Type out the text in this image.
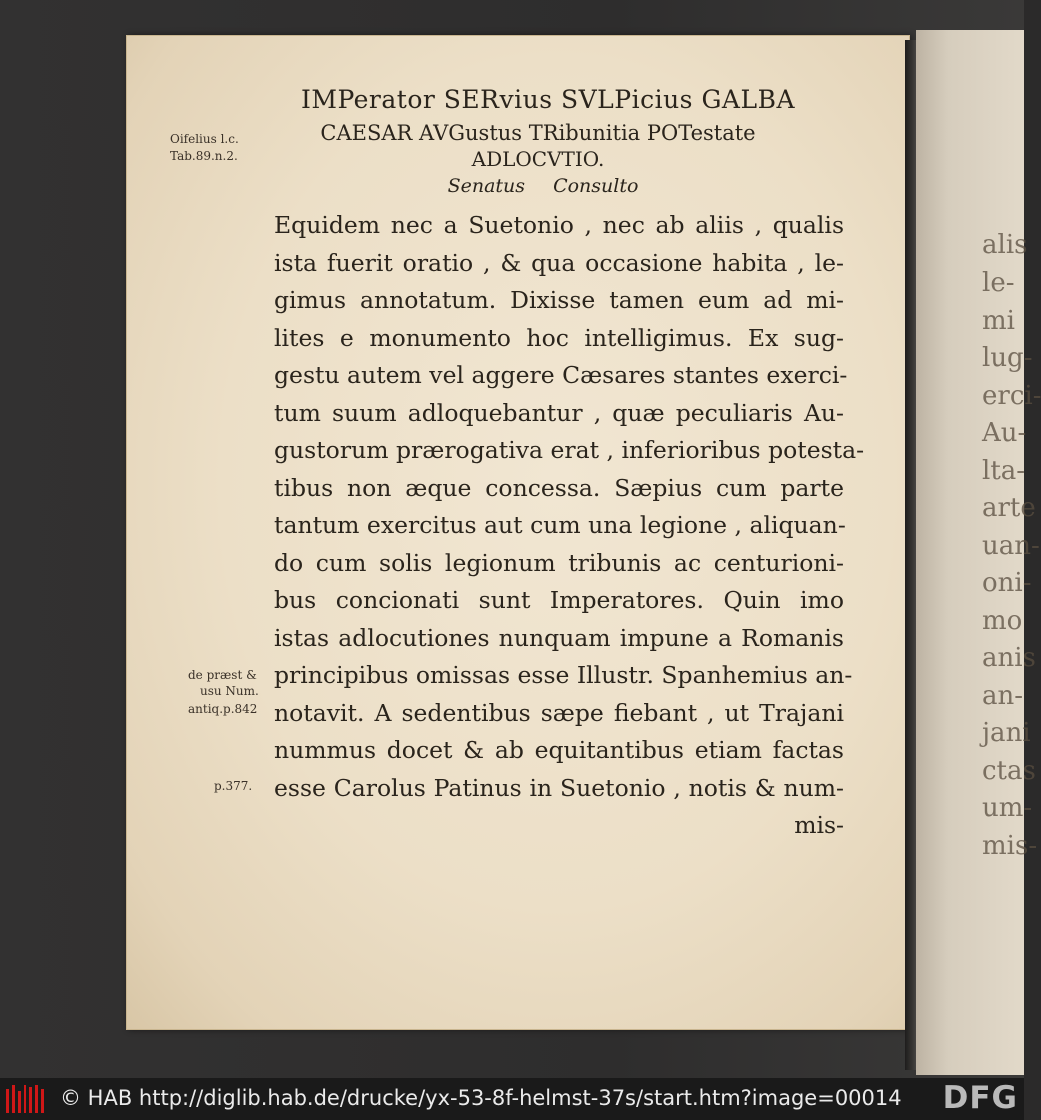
IMPerator SERvius SVLPicius GALBA
CAESAR AVGustus TRibunitia POTestate
ADLOCVTIO.
Senatus Consulto
Oifelius l.c.
Tab.89.n.2.
de præst &
usu Num.
antiq.p.842
p.377.
Equidem nec a Suetonio , nec ab aliis , qualis
ista fuerit oratio , & qua occasione habita , le-
gimus annotatum. Dixisse tamen eum ad mi-
lites e monumento hoc intelligimus. Ex sug-
gestu autem vel aggere Cæsares stantes exerci-
tum suum adloquebantur , quæ peculiaris Au-
gustorum prærogativa erat , inferioribus potesta-
tibus non æque concessa. Sæpius cum parte
tantum exercitus aut cum una legione , aliquan-
do cum solis legionum tribunis ac centurioni-
bus concionati sunt Imperatores. Quin imo
istas adlocutiones nunquam impune a Romanis
principibus omissas esse Illustr. Spanhemius an-
notavit. A sedentibus sæpe fiebant , ut Trajani
nummus docet & ab equitantibus etiam factas
esse Carolus Patinus in Suetonio , notis & num-
mis-
alis
le-
mi
lug-
erci-
Au-
lta-
arte
uan-
oni-
mo
anis
an-
jani
ctas
um-
mis-
© HAB http://diglib.hab.de/drucke/yx-53-8f-helmst-37s/start.htm?image=00014 DFG
